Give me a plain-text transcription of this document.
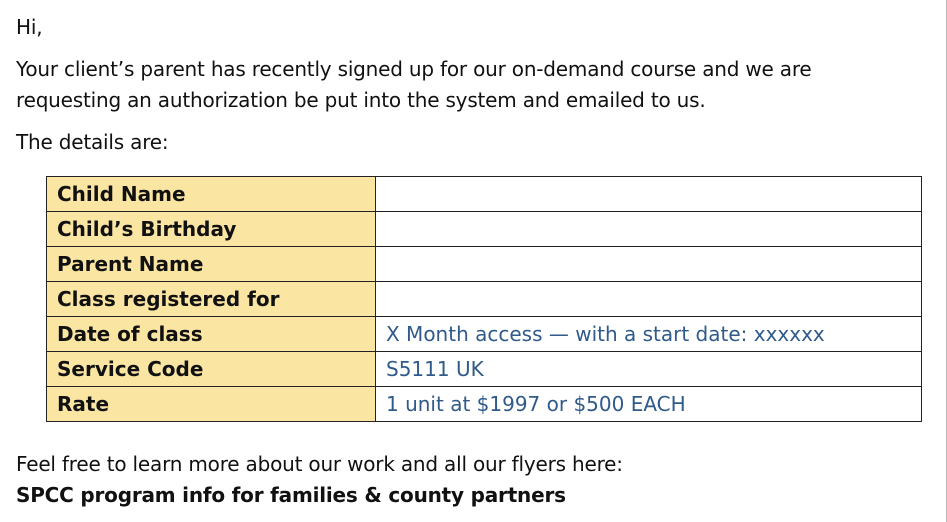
Hi,

Your client’s parent has recently signed up for our on-demand course and we are

requesting an authorization be put into the system and emailed to us.

The details are:

Child Name	
Child’s Birthday	
Parent Name	
Class registered for	
Date of class	X Month access — with a start date: xxxxxx
Service Code	S5111 UK
Rate	1 unit at $1997 or $500 EACH

Feel free to learn more about our work and all our flyers here:

SPCC program info for families & county partners
